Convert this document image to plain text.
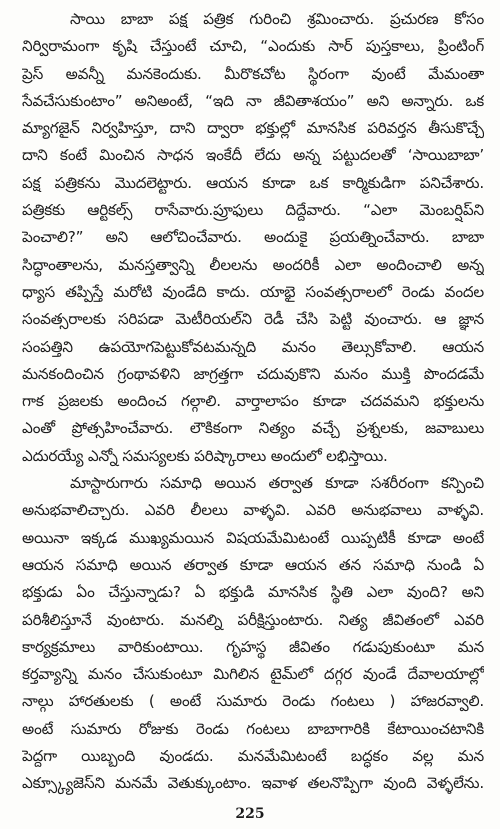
సాయి బాబా పక్ష పత్రిక గురించి శ్రమించారు. ప్రచురణ కోసం
నిర్విరామంగా కృషి చేస్తుంటే చూచి, “ఎందుకు సార్ పుస్తకాలు, ప్రింటింగ్
ప్రెస్ అవన్నీ మనకెందుకు. మీరొకచోట స్థిరంగా వుంటే మేమంతా
సేవచేసుకుంటాం” అనిఅంటే, “ఇది నా జీవితాశయం” అని అన్నారు. ఒక
మ్యాగజైన్ నిర్వహిస్తూ, దాని ద్వారా భక్తుల్లో మానసిక పరివర్తన తీసుకొచ్చే
దాని కంటే మించిన సాధన ఇంకేదీ లేదు అన్న పట్టుదలతో ‘సాయిబాబా’
పక్ష పత్రికను మొదలెట్టారు. ఆయన కూడా ఒక కార్మికుడిగా పనిచేశారు.
పత్రికకు ఆర్టికల్స్ రాసేవారు.ప్రూఫులు దిద్దేవారు. “ఎలా మెంబర్షిప్‌ని
పెంచాలి?” అని ఆలోచించేవారు. అందుకై ప్రయత్నించేవారు. బాబా
సిద్ధాంతాలను, మనస్తత్వాన్ని లీలలను అందరికీ ఎలా అందించాలి అన్న
ధ్యాస తప్పిస్తే మరోటి వుండేది కాదు. యాభై సంవత్సరాలలో రెండు వందల
సంవత్సరాలకు సరిపడా మెటీరియల్‌ని రెడీ చేసి పెట్టి వుంచారు. ఆ జ్ఞాన
సంపత్తిని ఉపయోగపెట్టుకోవటమన్నది మనం తెల్సుకోవాలి. ఆయన
మనకందించిన గ్రంథావళిని జాగ్రత్తగా చదువుకొని మనం ముక్తి పొందడమే
గాక ప్రజలకు అందించ గల్గాలి. వార్తాలాపం కూడా చదవమని భక్తులను
ఎంతో ప్రోత్సహించేవారు. లౌకికంగా నిత్యం వచ్చే ప్రశ్నలకు, జవాబులు
ఎదురయ్యే ఎన్నో సమస్యలకు పరిష్కారాలు అందులో లభిస్తాయి.
మాస్టారుగారు సమాధి అయిన తర్వాత కూడా సశరీరంగా కన్పించి
అనుభవాలిచ్చారు. ఎవరి లీలలు వాళ్ళవి. ఎవరి అనుభవాలు వాళ్ళవి.
అయినా ఇక్కడ ముఖ్యమయిన విషయమేమిటంటే యిప్పటికీ కూడా అంటే
ఆయన సమాధి అయిన తర్వాత కూడా ఆయన తన సమాధి నుండి ఏ
భక్తుడు ఏం చేస్తున్నాడు? ఏ భక్తుడి మానసిక స్థితి ఎలా వుంది? అని
పరిశీలిస్తూనే వుంటారు. మనల్ని పరీక్షిస్తుంటారు. నిత్య జీవితంలో ఎవరి
కార్యక్రమాలు వారికుంటాయి. గృహస్థ జీవితం గడుపుకుంటూ మన
కర్తవ్యాన్ని మనం చేసుకుంటూ మిగిలిన టైమ్‌లో దగ్గర వుండే దేవాలయాల్లో
నాల్గు హారతులకు ( అంటే సుమారు రెండు గంటలు ) హాజరవ్వాలి.
అంటే సుమారు రోజుకు రెండు గంటలు బాబాగారికి కేటాయించటానికి
పెద్దగా యిబ్బంది వుండదు. మనమేమిటంటే బద్ధకం వల్ల మన
ఎక్స్క్యూజెస్‌ని మనమే వెతుక్కుంటాం. ఇవాళ తలనొప్పిగా వుంది వెళ్ళలేను.
225
